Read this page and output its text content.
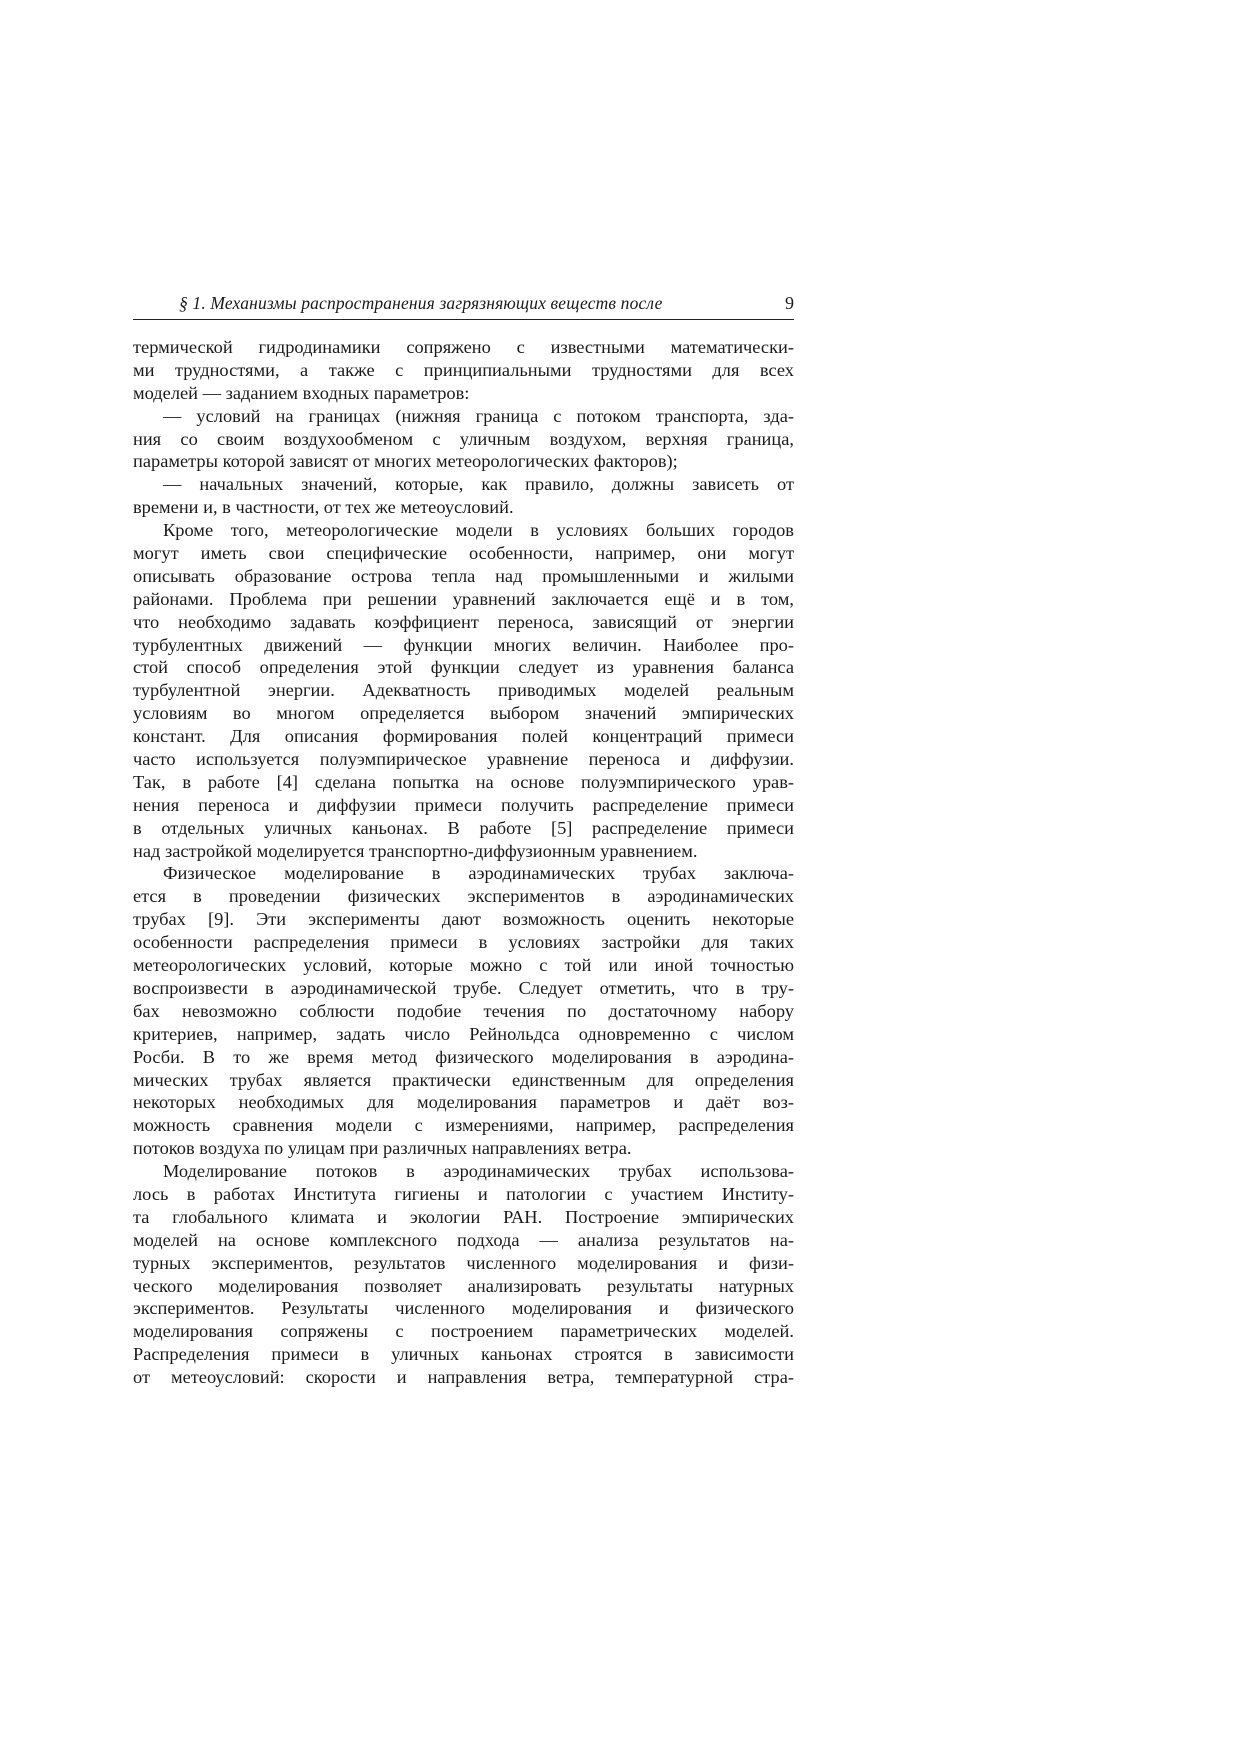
§ 1. Механизмы распространения загрязняющих веществ после	9
термической гидродинамики сопряжено с известными математически-
ми трудностями, а также с принципиальными трудностями для всех
моделей — заданием входных параметров:
— условий на границах (нижняя граница с потоком транспорта, зда-
ния со своим воздухообменом с уличным воздухом, верхняя граница,
параметры которой зависят от многих метеорологических факторов);
— начальных значений, которые, как правило, должны зависеть от
времени и, в частности, от тех же метеоусловий.
Кроме того, метеорологические модели в условиях больших городов
могут иметь свои специфические особенности, например, они могут
описывать образование острова тепла над промышленными и жилыми
районами. Проблема при решении уравнений заключается ещё и в том,
что необходимо задавать коэффициент переноса, зависящий от энергии
турбулентных движений — функции многих величин. Наиболее про-
стой способ определения этой функции следует из уравнения баланса
турбулентной энергии. Адекватность приводимых моделей реальным
условиям во многом определяется выбором значений эмпирических
констант. Для описания формирования полей концентраций примеси
часто используется полуэмпирическое уравнение переноса и диффузии.
Так, в работе [4] сделана попытка на основе полуэмпирического урав-
нения переноса и диффузии примеси получить распределение примеси
в отдельных уличных каньонах. В работе [5] распределение примеси
над застройкой моделируется транспортно-диффузионным уравнением.
Физическое моделирование в аэродинамических трубах заключа-
ется в проведении физических экспериментов в аэродинамических
трубах [9]. Эти эксперименты дают возможность оценить некоторые
особенности распределения примеси в условиях застройки для таких
метеорологических условий, которые можно с той или иной точностью
воспроизвести в аэродинамической трубе. Следует отметить, что в тру-
бах невозможно соблюсти подобие течения по достаточному набору
критериев, например, задать число Рейнольдса одновременно с числом
Росби. В то же время метод физического моделирования в аэродина-
мических трубах является практически единственным для определения
некоторых необходимых для моделирования параметров и даёт воз-
можность сравнения модели с измерениями, например, распределения
потоков воздуха по улицам при различных направлениях ветра.
Моделирование потоков в аэродинамических трубах использова-
лось в работах Института гигиены и патологии с участием Институ-
та глобального климата и экологии РАН. Построение эмпирических
моделей на основе комплексного подхода — анализа результатов на-
турных экспериментов, результатов численного моделирования и физи-
ческого моделирования позволяет анализировать результаты натурных
экспериментов. Результаты численного моделирования и физического
моделирования сопряжены с построением параметрических моделей.
Распределения примеси в уличных каньонах строятся в зависимости
от метеоусловий: скорости и направления ветра, температурной стра-
